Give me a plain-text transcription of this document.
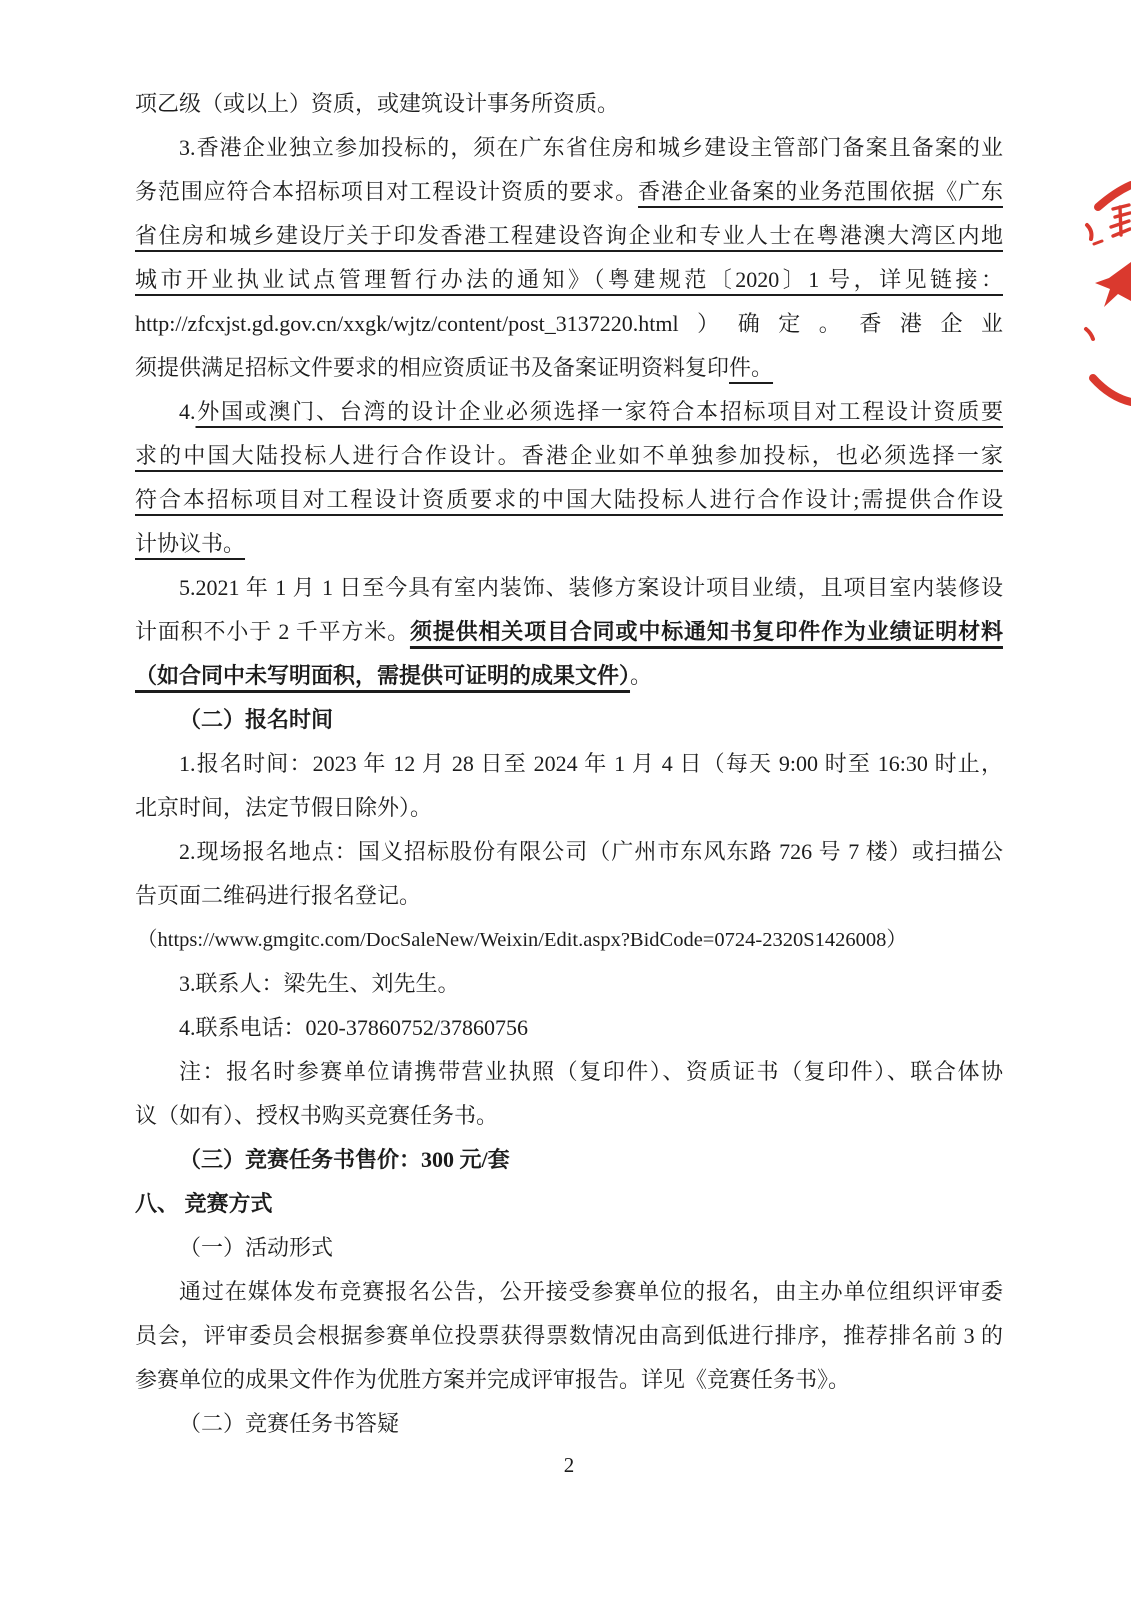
项乙级（或以上）资质，或建筑设计事务所资质。
3.香港企业独立参加投标的，须在广东省住房和城乡建设主管部门备案且备案的业
务范围应符合本招标项目对工程设计资质的要求。香港企业备案的业务范围依据《广东
省住房和城乡建设厅关于印发香港工程建设咨询企业和专业人士在粤港澳大湾区内地
城市开业执业试点管理暂行办法的通知》（粤建规范〔2020〕1 号，详见链接：
http://zfcxjst.gd.gov.cn/xxgk/wjtz/content/post_3137220.html）确定。香港企业
须提供满足招标文件要求的相应资质证书及备案证明资料复印件。
4.外国或澳门、台湾的设计企业必须选择一家符合本招标项目对工程设计资质要
求的中国大陆投标人进行合作设计。香港企业如不单独参加投标，也必须选择一家
符合本招标项目对工程设计资质要求的中国大陆投标人进行合作设计;需提供合作设
计协议书。
5.2021 年 1 月 1 日至今具有室内装饰、装修方案设计项目业绩，且项目室内装修设
计面积不小于 2 千平方米。须提供相关项目合同或中标通知书复印件作为业绩证明材料
（如合同中未写明面积，需提供可证明的成果文件）。
（二）报名时间
1.报名时间：2023 年 12 月 28 日至 2024 年 1 月 4 日（每天 9:00 时至 16:30 时止，
北京时间，法定节假日除外）。
2.现场报名地点：国义招标股份有限公司（广州市东风东路 726 号 7 楼）或扫描公
告页面二维码进行报名登记。
（https://www.gmgitc.com/DocSaleNew/Weixin/Edit.aspx?BidCode=0724-2320S1426008）
3.联系人：梁先生、刘先生。
4.联系电话：020-37860752/37860756
注：报名时参赛单位请携带营业执照（复印件）、资质证书（复印件）、联合体协
议（如有）、授权书购买竞赛任务书。
（三）竞赛任务书售价：300 元/套
八、 竞赛方式
（一）活动形式
通过在媒体发布竞赛报名公告，公开接受参赛单位的报名，由主办单位组织评审委
员会，评审委员会根据参赛单位投票获得票数情况由高到低进行排序，推荐排名前 3 的
参赛单位的成果文件作为优胜方案并完成评审报告。详见《竞赛任务书》。
（二）竞赛任务书答疑
2
